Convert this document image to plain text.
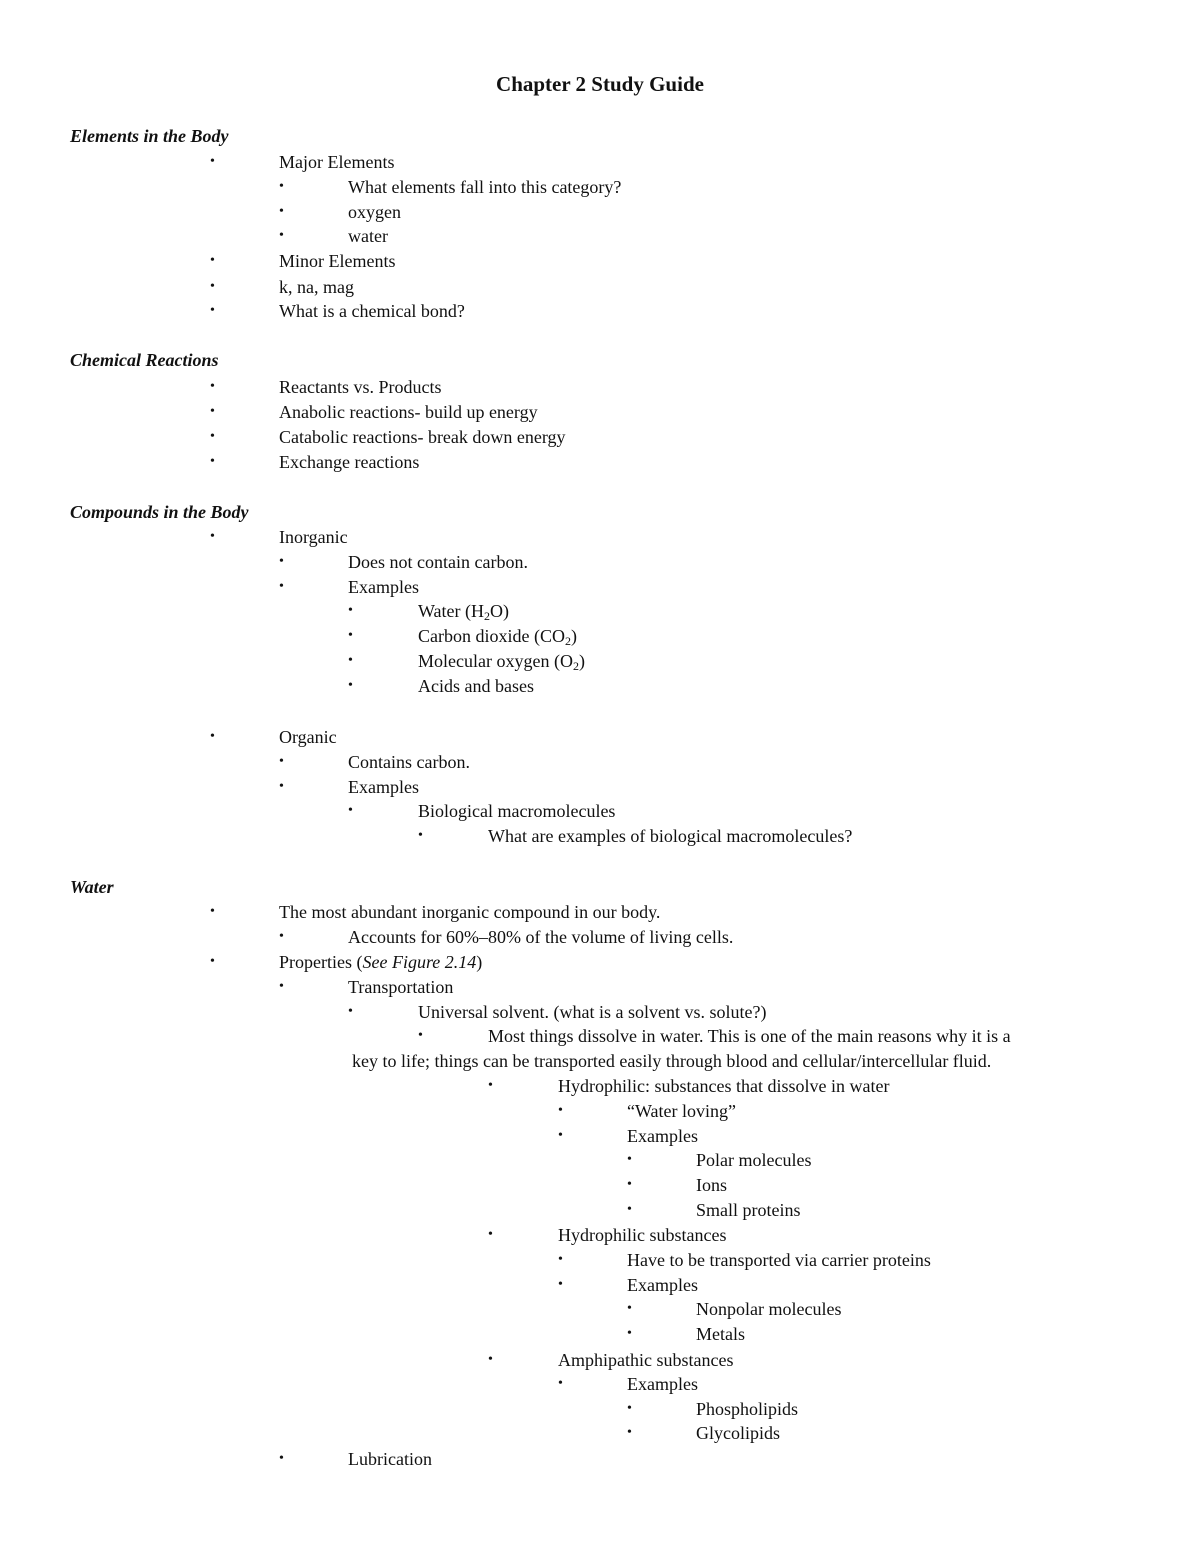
Chapter 2 Study Guide
Elements in the Body
•	Major Elements
•	What elements fall into this category?
•	oxygen
•	water
•	Minor Elements
•	k, na, mag
•	What is a chemical bond?
Chemical Reactions
•	Reactants vs. Products
•	Anabolic reactions- build up energy
•	Catabolic reactions- break down energy
•	Exchange reactions
Compounds in the Body
•	Inorganic
•	Does not contain carbon.
•	Examples
•	Water $(H_2O)$
•	Carbon dioxide $(CO_2)$
•	Molecular oxygen $(O_2)$
•	Acids and bases
•	Organic
•	Contains carbon.
•	Examples
•	Biological macromolecules
•	What are examples of biological macromolecules?
Water
•	The most abundant inorganic compound in our body.
•	Accounts for 60%–80% of the volume of living cells.
•	Properties (See Figure 2.14)
•	Transportation
•	Universal solvent. (what is a solvent vs. solute?)
•	Most things dissolve in water. This is one of the main reasons why it is a
key to life; things can be transported easily through blood and cellular/intercellular fluid.
•	Hydrophilic: substances that dissolve in water
•	“Water loving”
•	Examples
•	Polar molecules
•	Ions
•	Small proteins
•	Hydrophilic substances
•	Have to be transported via carrier proteins
•	Examples
•	Nonpolar molecules
•	Metals
•	Amphipathic substances
•	Examples
•	Phospholipids
•	Glycolipids
•	Lubrication
